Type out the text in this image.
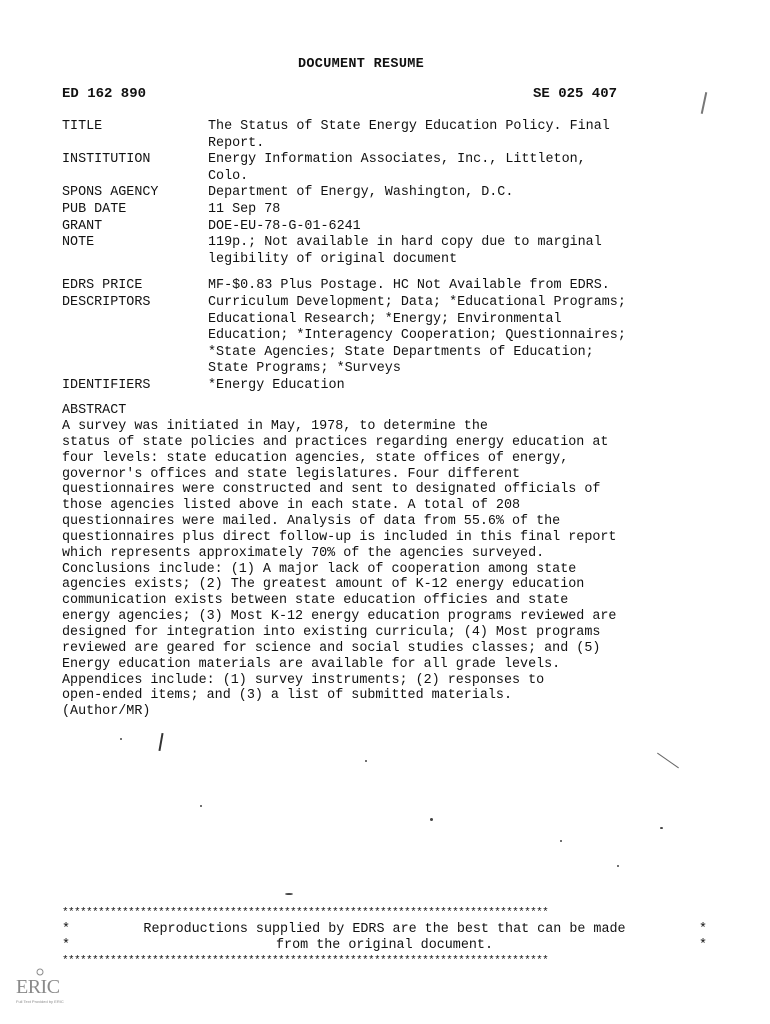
DOCUMENT RESUME
ED 162 890	SE 025 407
TITLE	The Status of State Energy Education Policy. Final
Report.
INSTITUTION	Energy Information Associates, Inc., Littleton,
Colo.
SPONS AGENCY	Department of Energy, Washington, D.C.
PUB DATE	11 Sep 78
GRANT	DOE-EU-78-G-01-6241
NOTE	119p.; Not available in hard copy due to marginal
legibility of original document
EDRS PRICE	MF-$0.83 Plus Postage. HC Not Available from EDRS.
DESCRIPTORS	Curriculum Development; Data; *Educational Programs;
Educational Research; *Energy; Environmental
Education; *Interagency Cooperation; Questionnaires;
*State Agencies; State Departments of Education;
State Programs; *Surveys
IDENTIFIERS	*Energy Education
ABSTRACT
A survey was initiated in May, 1978, to determine the
status of state policies and practices regarding energy education at
four levels: state education agencies, state offices of energy,
governor's offices and state legislatures. Four different
questionnaires were constructed and sent to designated officials of
those agencies listed above in each state. A total of 208
questionnaires were mailed. Analysis of data from 55.6% of the
questionnaires plus direct follow-up is included in this final report
which represents approximately 70% of the agencies surveyed.
Conclusions include: (1) A major lack of cooperation among state
agencies exists; (2) The greatest amount of K-12 energy education
communication exists between state education officies and state
energy agencies; (3) Most K-12 energy education programs reviewed are
designed for integration into existing curricula; (4) Most programs
reviewed are geared for science and social studies classes; and (5)
Energy education materials are available for all grade levels.
Appendices include: (1) survey instruments; (2) responses to
open-ended items; and (3) a list of submitted materials.
(Author/MR)
*********************************************************************************
*	Reproductions supplied by EDRS are the best that can be made	*
*	from the original document.	*
*********************************************************************************
ERIC
Full Text Provided by ERIC
